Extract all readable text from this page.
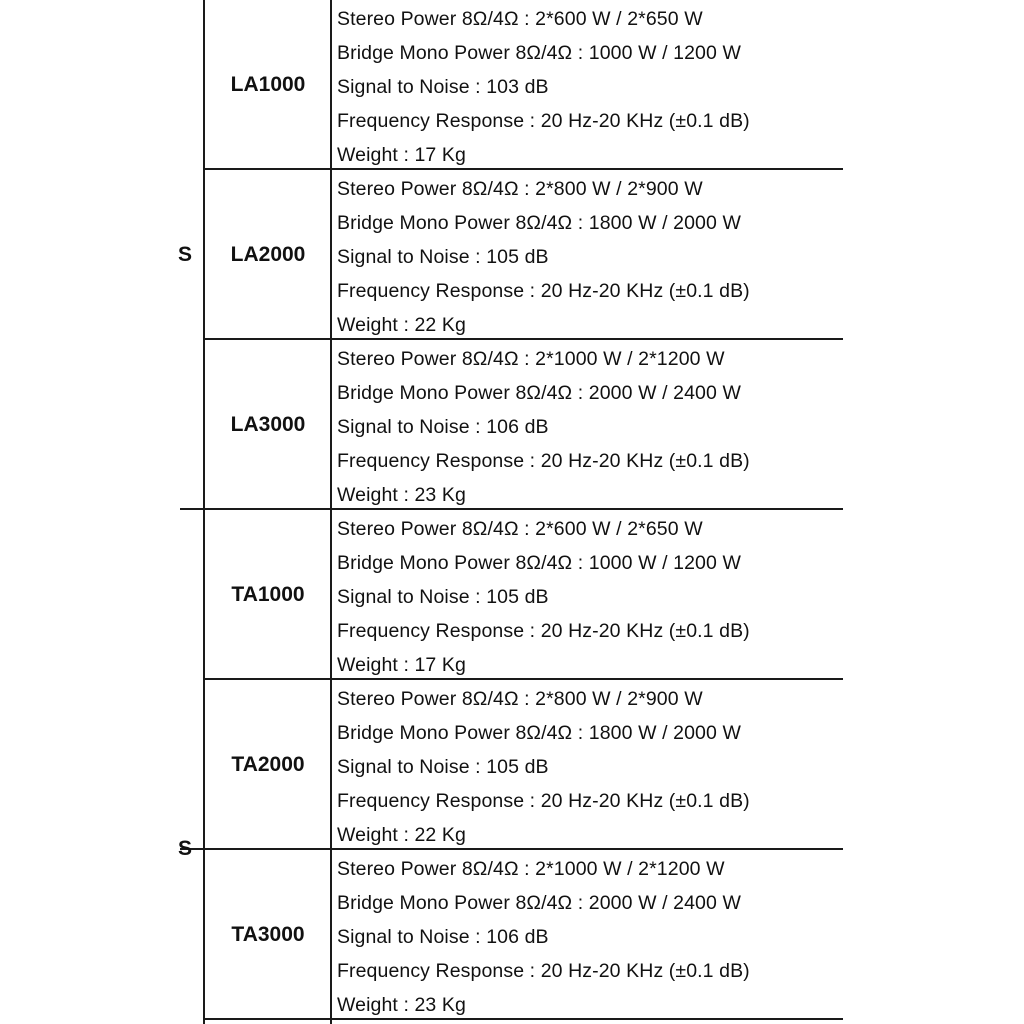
S
S
LA1000
Stereo Power 8Ω/4Ω : 2*600 W / 2*650 W
Bridge Mono Power 8Ω/4Ω : 1000 W / 1200 W
Signal to Noise : 103 dB
Frequency Response : 20 Hz-20 KHz (±0.1 dB)
Weight : 17 Kg
LA2000
Stereo Power 8Ω/4Ω : 2*800 W / 2*900 W
Bridge Mono Power 8Ω/4Ω : 1800 W / 2000 W
Signal to Noise : 105 dB
Frequency Response : 20 Hz-20 KHz (±0.1 dB)
Weight : 22 Kg
LA3000
Stereo Power 8Ω/4Ω : 2*1000 W / 2*1200 W
Bridge Mono Power 8Ω/4Ω : 2000 W / 2400 W
Signal to Noise : 106 dB
Frequency Response : 20 Hz-20 KHz (±0.1 dB)
Weight : 23 Kg
TA1000
Stereo Power 8Ω/4Ω : 2*600 W / 2*650 W
Bridge Mono Power 8Ω/4Ω : 1000 W / 1200 W
Signal to Noise : 105 dB
Frequency Response : 20 Hz-20 KHz (±0.1 dB)
Weight : 17 Kg
TA2000
Stereo Power 8Ω/4Ω : 2*800 W / 2*900 W
Bridge Mono Power 8Ω/4Ω : 1800 W / 2000 W
Signal to Noise : 105 dB
Frequency Response : 20 Hz-20 KHz (±0.1 dB)
Weight : 22 Kg
TA3000
Stereo Power 8Ω/4Ω : 2*1000 W / 2*1200 W
Bridge Mono Power 8Ω/4Ω : 2000 W / 2400 W
Signal to Noise : 106 dB
Frequency Response : 20 Hz-20 KHz (±0.1 dB)
Weight : 23 Kg
